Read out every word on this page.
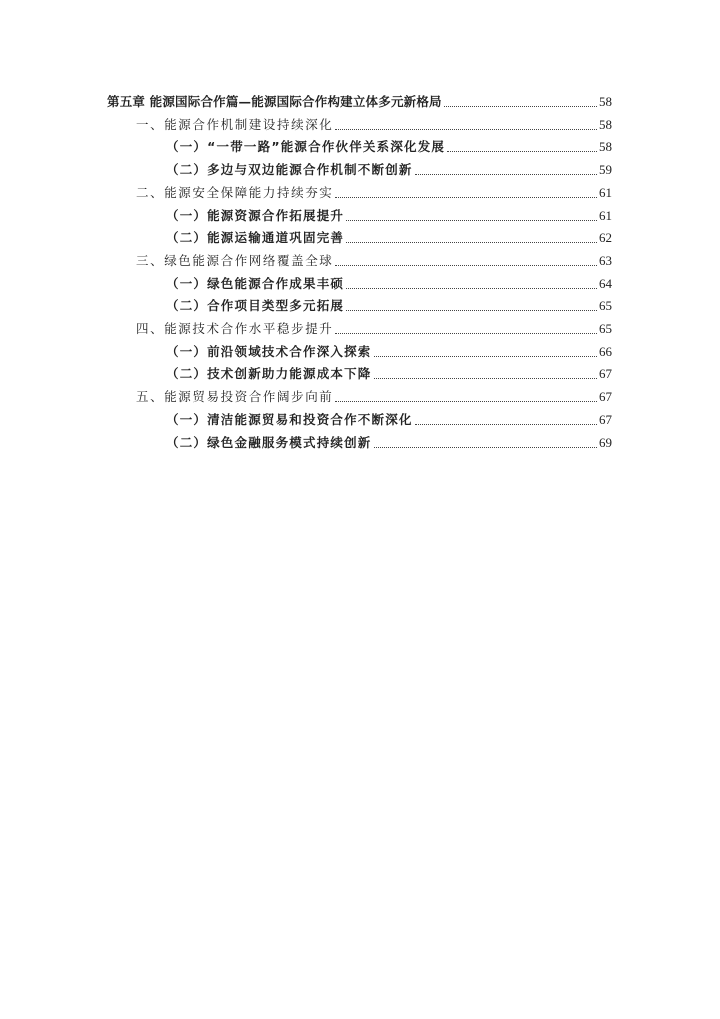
第五章 能源国际合作篇—能源国际合作构建立体多元新格局	58
一、能源合作机制建设持续深化	58
（一）“一带一路”能源合作伙伴关系深化发展	58
（二）多边与双边能源合作机制不断创新	59
二、能源安全保障能力持续夯实	61
（一）能源资源合作拓展提升	61
（二）能源运输通道巩固完善	62
三、绿色能源合作网络覆盖全球	63
（一）绿色能源合作成果丰硕	64
（二）合作项目类型多元拓展	65
四、能源技术合作水平稳步提升	65
（一）前沿领域技术合作深入探索	66
（二）技术创新助力能源成本下降	67
五、能源贸易投资合作阔步向前	67
（一）清洁能源贸易和投资合作不断深化	67
（二）绿色金融服务模式持续创新	69
